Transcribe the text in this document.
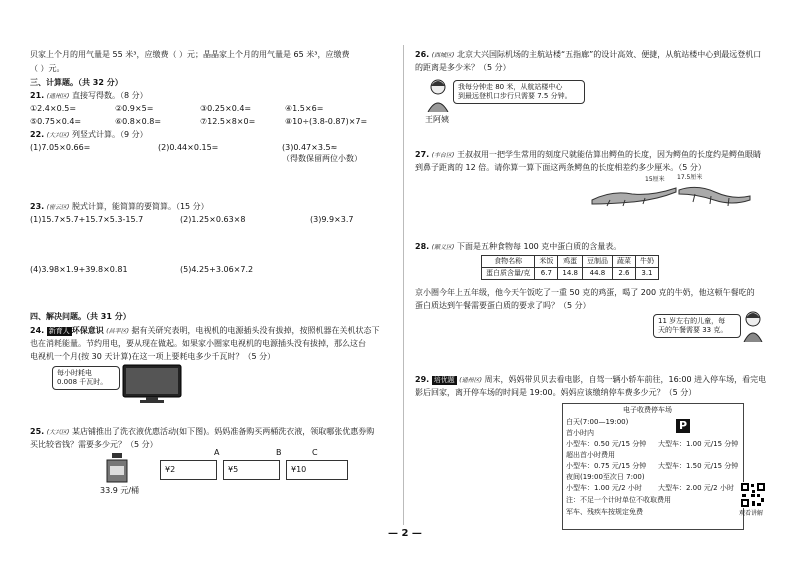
贝家上个月的用气量是 55 米³，应缴费（ ）元；晶晶家上个月的用气量是 65 米³，应缴费
（ ）元。
三、计算题。（共 32 分）
21. (通州区) 直接写得数。（8 分）
①2.4×0.5=	②0.9×5=	③0.25×0.4=	④1.5×6=
⑤0.75×0.4=	⑥0.8×0.8=	⑦12.5×8×0=	⑧10÷(3.8-0.87)×7=
22. (大兴区) 列竖式计算。（9 分）
(1)7.05×0.66=	(2)0.44×0.15=	(3)0.47×3.5≈
（得数保留两位小数）
23. (密云区) 脱式计算，能简算的要简算。（15 分）
(1)15.7×5.7+15.7×5.3-15.7	(2)1.25×0.63×8	(3)9.9×3.7
(4)3.98×1.9+39.8×0.81	(5)4.25+3.06×7.2
四、解决问题。（共 31 分）
24. 新育人 环保意识 (昌平区) 据有关研究表明，电视机的电源插头没有拔掉，按照机器在关机状态下
也在消耗能量。节约用电，要从现在做起。如果家小圈家电视机的电源插头没有拔掉，那么这台
电视机一个月(按 30 天计算)在这一项上要耗电多少千瓦时？（5 分）
每小时耗电
0.008 千瓦时。
25. (大兴区) 某店铺推出了洗衣液优惠活动(如下图)。妈妈准备购买两桶洗衣液，领取哪张优惠券购
买比较省钱？需要多少元？（5 分）
33.9 元/桶
A
¥2
B
¥5
C
¥10
26. (西城区) 北京大兴国际机场的主航站楼“五指廊”的设计高效、便捷，从航站楼中心到最远登机口
的距离是多少米？（5 分）
我每分钟走 80 米，从航站楼中心
到最远登机口步行只需要 7.5 分钟。
王阿姨
27. (丰台区) 王叔叔用一把学生常用的刻度尺就能估算出鳄鱼的长度，因为鳄鱼的长度约是鳄鱼眼睛
到鼻子距离的 12 倍。请你算一算下面这两条鳄鱼的长度相差约多少厘米。（5 分）
15厘米 17.5厘米
28. (顺义区) 下面是五种食物每 100 克中蛋白质的含量表。
食物名称	米饭	鸡蛋	豆制品	蔬菜	牛奶
蛋白质含量/克	6.7	14.8	44.8	2.6	3.1
京小圈今年上五年级，他今天午饭吃了一重 50 克的鸡蛋，喝了 200 克的牛奶，他这顿午餐吃的
蛋白质达到午餐需要蛋白质的要求了吗？（5 分）
11 岁左右的儿童，每
天的午餐需要 33 克。
29. 培优题 (通州区) 周末，妈妈带贝贝去看电影，自驾一辆小轿车前往，16:00 进入停车场，看完电
影后回家，离开停车场的时间是 19:00。妈妈应该缴纳停车费多少元？（5 分）
电子收费停车场
白天(7:00—19:00)	P
首小时内
小型车：0.50 元/15 分钟 大型车：1.00 元/15 分钟
超出首小时费用
小型车：0.75 元/15 分钟 大型车：1.50 元/15 分钟
夜间(19:00至次日 7:00)
小型车：1.00 元/2 小时 大型车：2.00 元/2 小时
注：不足一个计时单位不收取费用
军车、残疾车按规定免费	观看讲解
— 2 —
